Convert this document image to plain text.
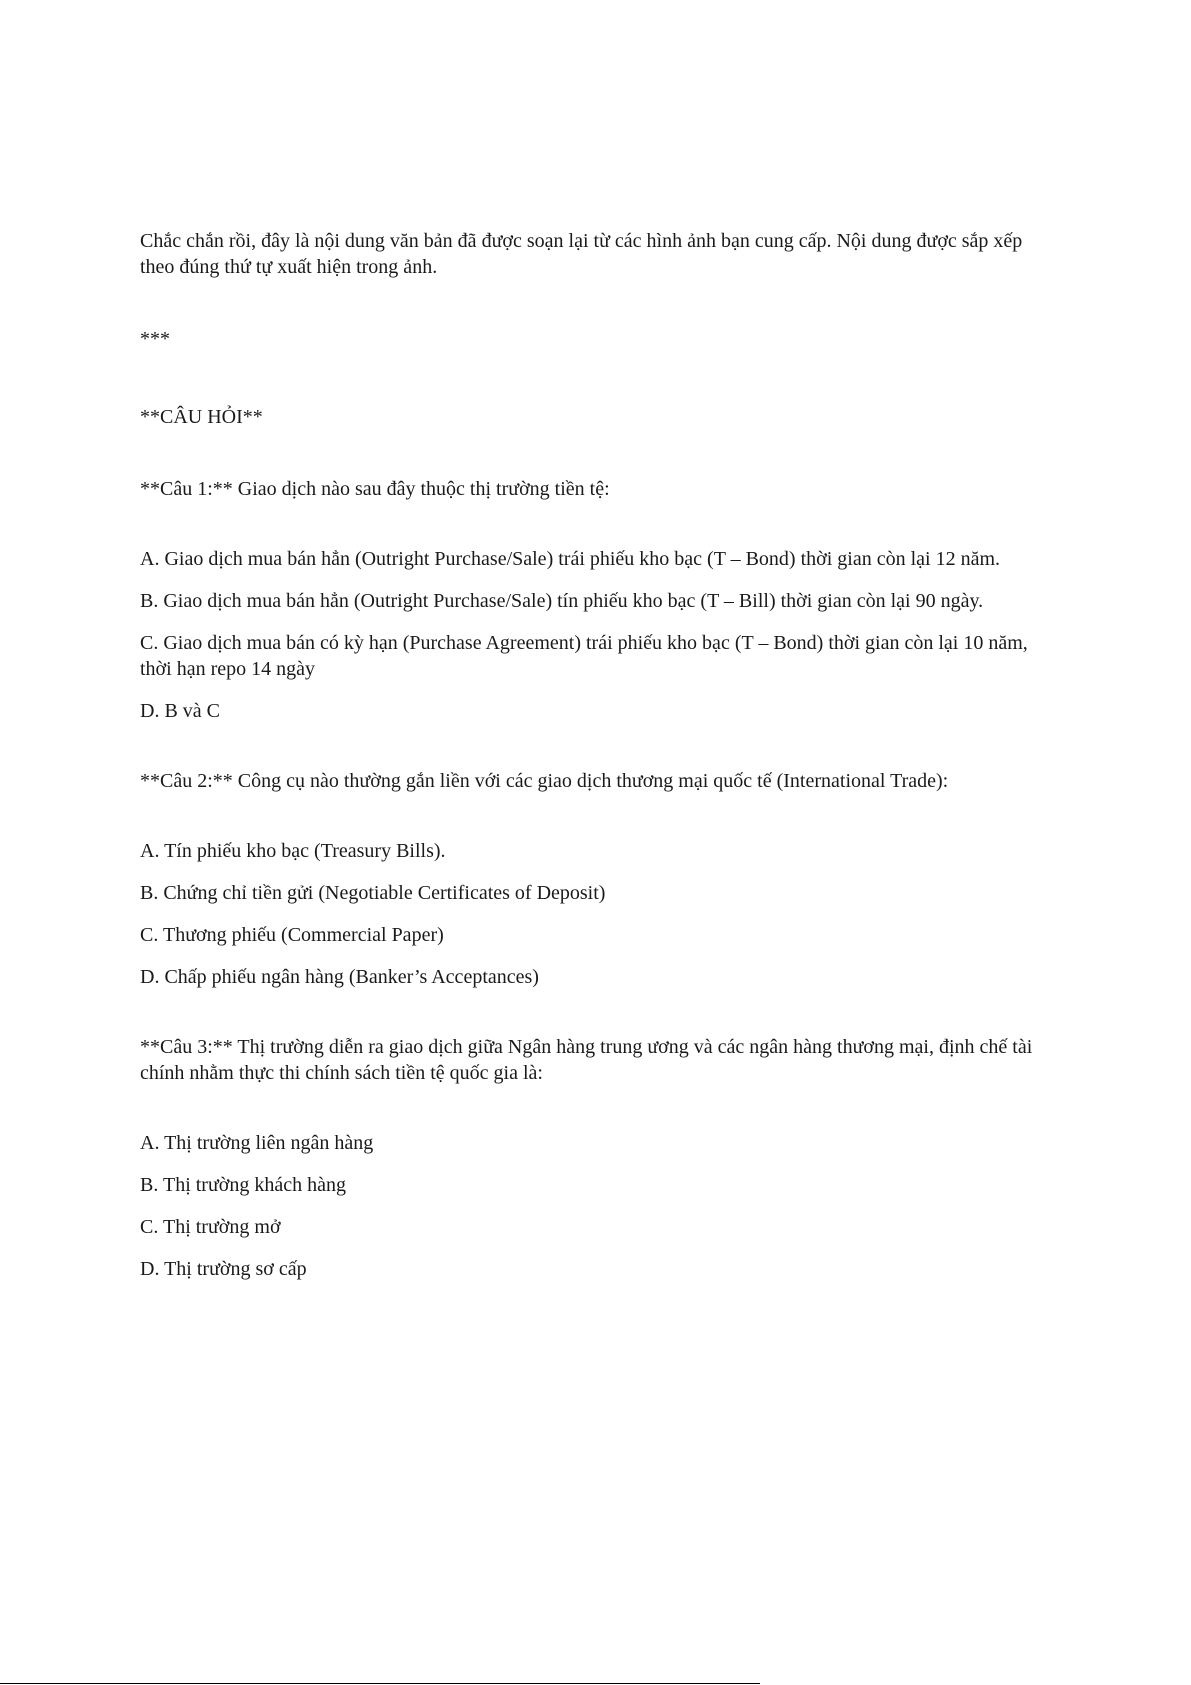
Chắc chắn rồi, đây là nội dung văn bản đã được soạn lại từ các hình ảnh bạn cung cấp. Nội dung được sắp xếp theo đúng thứ tự xuất hiện trong ảnh.

***

**CÂU HỎI**

**Câu 1:** Giao dịch nào sau đây thuộc thị trường tiền tệ:

A. Giao dịch mua bán hẳn (Outright Purchase/Sale) trái phiếu kho bạc (T – Bond) thời gian còn lại 12 năm.
B. Giao dịch mua bán hẳn (Outright Purchase/Sale) tín phiếu kho bạc (T – Bill) thời gian còn lại 90 ngày.
C. Giao dịch mua bán có kỳ hạn (Purchase Agreement) trái phiếu kho bạc (T – Bond) thời gian còn lại 10 năm, thời hạn repo 14 ngày
D. B và C

**Câu 2:** Công cụ nào thường gắn liền với các giao dịch thương mại quốc tế (International Trade):

A. Tín phiếu kho bạc (Treasury Bills).
B. Chứng chỉ tiền gửi (Negotiable Certificates of Deposit)
C. Thương phiếu (Commercial Paper)
D. Chấp phiếu ngân hàng (Banker’s Acceptances)

**Câu 3:** Thị trường diễn ra giao dịch giữa Ngân hàng trung ương và các ngân hàng thương mại, định chế tài chính nhằm thực thi chính sách tiền tệ quốc gia là:

A. Thị trường liên ngân hàng
B. Thị trường khách hàng
C. Thị trường mở
D. Thị trường sơ cấp
